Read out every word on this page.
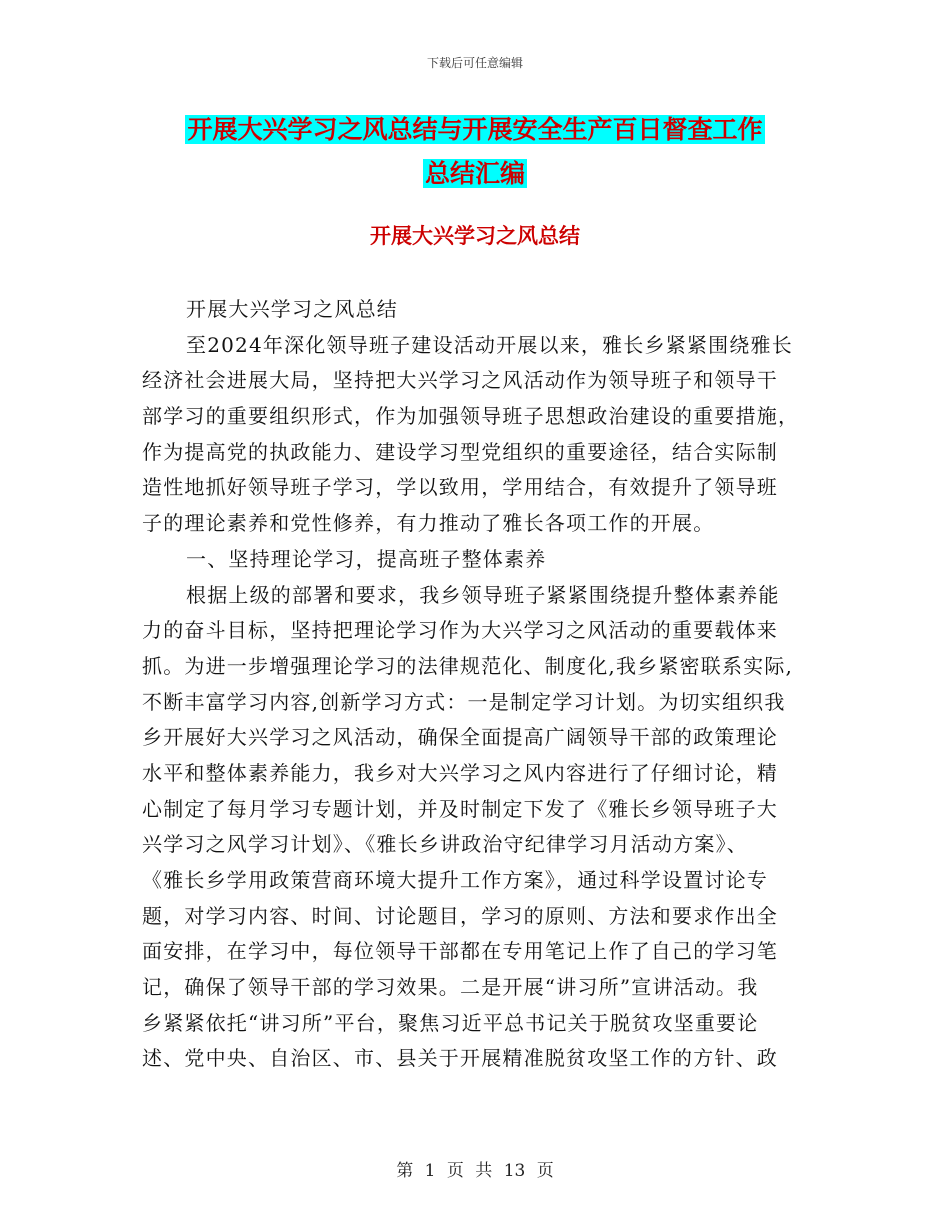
下载后可任意编辑
开展大兴学习之风总结与开展安全生产百日督查工作
总结汇编
开展大兴学习之风总结
开展大兴学习之风总结
至2024年深化领导班子建设活动开展以来，雅长乡紧紧围绕雅长
经济社会进展大局，坚持把大兴学习之风活动作为领导班子和领导干
部学习的重要组织形式，作为加强领导班子思想政治建设的重要措施，
作为提高党的执政能力、建设学习型党组织的重要途径，结合实际制
造性地抓好领导班子学习，学以致用，学用结合，有效提升了领导班
子的理论素养和党性修养，有力推动了雅长各项工作的开展。
一、坚持理论学习，提高班子整体素养
根据上级的部署和要求，我乡领导班子紧紧围绕提升整体素养能
力的奋斗目标，坚持把理论学习作为大兴学习之风活动的重要载体来
抓。为进一步增强理论学习的法律规范化、制度化,我乡紧密联系实际,
不断丰富学习内容,创新学习方式：一是制定学习计划。为切实组织我
乡开展好大兴学习之风活动，确保全面提高广阔领导干部的政策理论
水平和整体素养能力，我乡对大兴学习之风内容进行了仔细讨论，精
心制定了每月学习专题计划，并及时制定下发了《雅长乡领导班子大
兴学习之风学习计划》、《雅长乡讲政治守纪律学习月活动方案》、
《雅长乡学用政策营商环境大提升工作方案》，通过科学设置讨论专
题，对学习内容、时间、讨论题目，学习的原则、方法和要求作出全
面安排，在学习中，每位领导干部都在专用笔记上作了自己的学习笔
记，确保了领导干部的学习效果。二是开展“讲习所”宣讲活动。我
乡紧紧依托“讲习所”平台，聚焦习近平总书记关于脱贫攻坚重要论
述、党中央、自治区、市、县关于开展精准脱贫攻坚工作的方针、政
第 1 页 共 13 页
